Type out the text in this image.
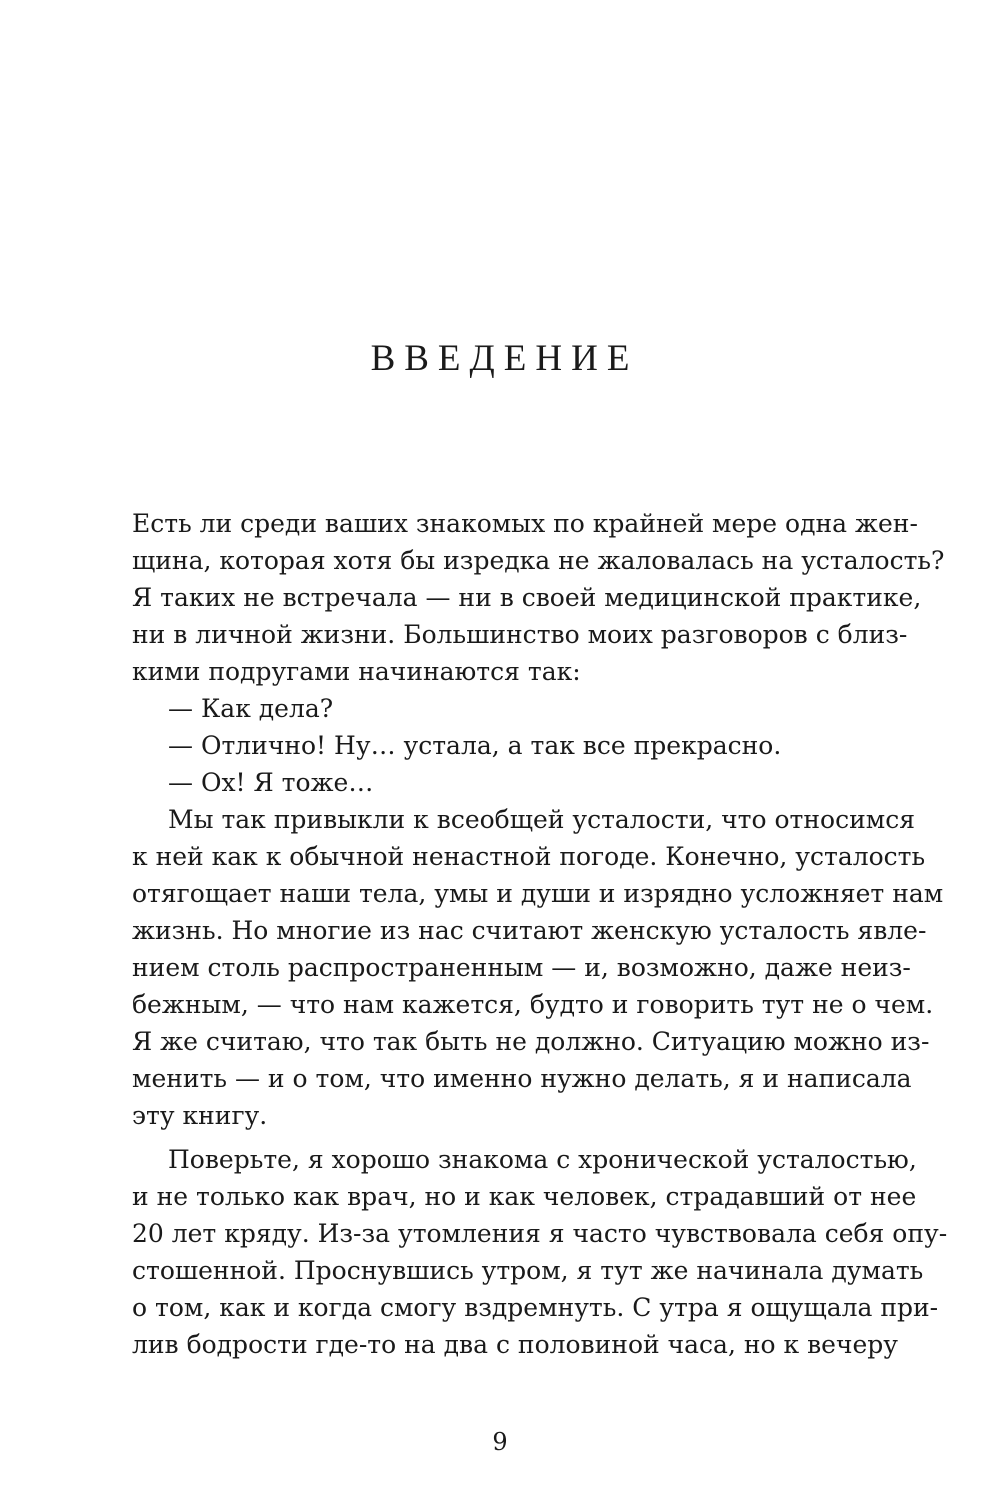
ВВЕДЕНИЕ
Есть ли среди ваших знакомых по крайней мере одна жен-
щина, которая хотя бы изредка не жаловалась на усталость?
Я таких не встречала — ни в своей медицинской практике,
ни в личной жизни. Большинство моих разговоров с близ-
кими подругами начинаются так:
— Как дела?
— Отлично! Ну… устала, а так все прекрасно.
— Ох! Я тоже…
Мы так привыкли к всеобщей усталости, что относимся
к ней как к обычной ненастной погоде. Конечно, усталость
отягощает наши тела, умы и души и изрядно усложняет нам
жизнь. Но многие из нас считают женскую усталость явле-
нием столь распространенным — и, возможно, даже неиз-
бежным, — что нам кажется, будто и говорить тут не о чем.
Я же считаю, что так быть не должно. Ситуацию можно из-
менить — и о том, что именно нужно делать, я и написала
эту книгу.
Поверьте, я хорошо знакома с хронической усталостью,
и не только как врач, но и как человек, страдавший от нее
20 лет кряду. Из-за утомления я часто чувствовала себя опу-
стошенной. Проснувшись утром, я тут же начинала думать
о том, как и когда смогу вздремнуть. С утра я ощущала при-
лив бодрости где-то на два с половиной часа, но к вечеру
9
